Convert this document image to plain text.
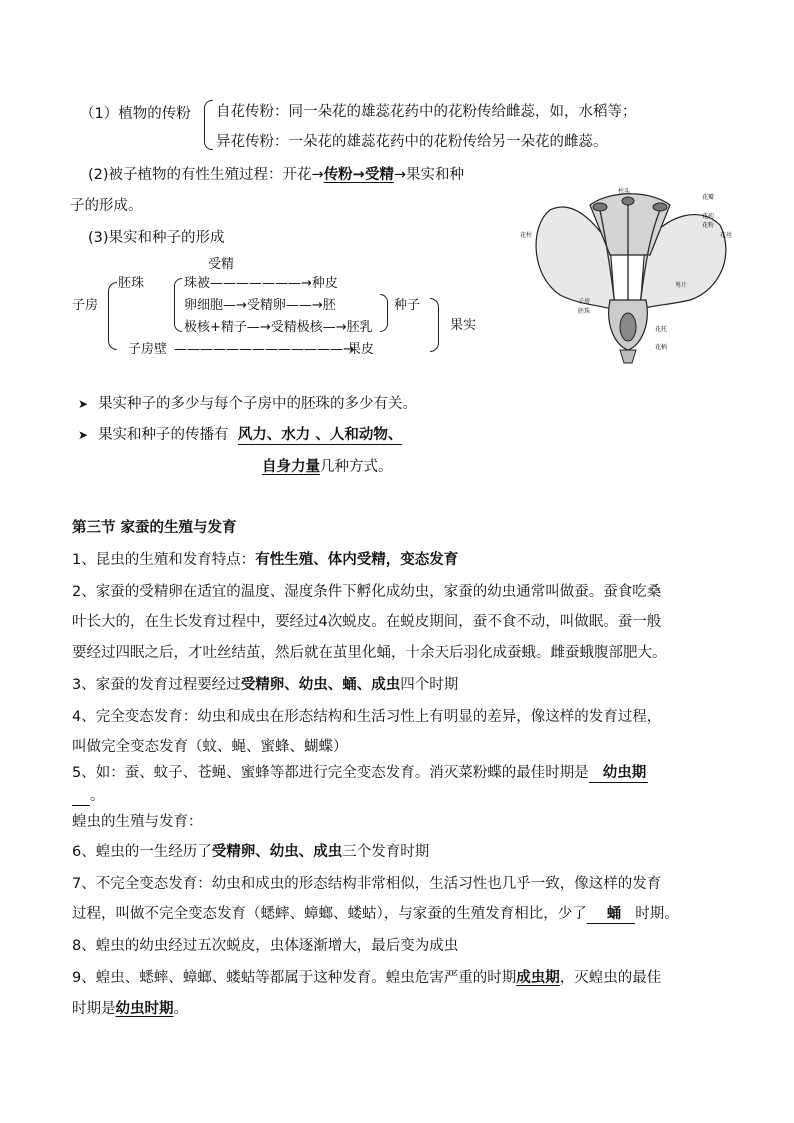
（1）植物的传粉 自花传粉：同一朵花的雄蕊花药中的花粉传给雌蕊，如，水稻等；
异花传粉：一朵花的雄蕊花药中的花粉传给另一朵花的雌蕊。
(2)被子植物的有性生殖过程：开花→传粉→受精→果实和种
子的形成。
(3)果实和种子的形成
受精
子房
胚珠	珠被———————→种皮
卵细胞—→受精卵——→胚
极核+精子—→受精极核—→胚乳
种子
果实
子房壁 —————————————→
果皮
柱头
花瓣
花药
花粉
花丝
花柱
萼片
子房
胚珠
花托
花柄
➤ 果实种子的多少与每个子房中的胚珠的多少有关。
➤ 果实和种子的传播有 风力、水力 、人和动物、
自身力量几种方式。
第三节 家蚕的生殖与发育
1、昆虫的生殖和发育特点：有性生殖、体内受精，变态发育
2、家蚕的受精卵在适宜的温度、湿度条件下孵化成幼虫，家蚕的幼虫通常叫做蚕。蚕食吃桑
叶长大的，在生长发育过程中，要经过4次蜕皮。在蜕皮期间，蚕不食不动，叫做眠。蚕一般
要经过四眠之后，才吐丝结茧，然后就在茧里化蛹，十余天后羽化成蚕蛾。雌蚕蛾腹部肥大。
3、家蚕的发育过程要经过受精卵、幼虫、蛹、成虫四个时期
4、完全变态发育：幼虫和成虫在形态结构和生活习性上有明显的差异，像这样的发育过程，
叫做完全变态发育（蚊、蝇、蜜蜂、蝴蝶）
5、如：蚕、蚊子、苍蝇、蜜蜂等都进行完全变态发育。消灭菜粉蝶的最佳时期是 幼虫期
。
蝗虫的生殖与发育：
6、蝗虫的一生经历了受精卵、幼虫、成虫三个发育时期
7、不完全变态发育：幼虫和成虫的形态结构非常相似，生活习性也几乎一致，像这样的发育
过程，叫做不完全变态发育（蟋蟀、蟑螂、蝼蛄），与家蚕的生殖发育相比，少了 蛹 时期。
8、蝗虫的幼虫经过五次蜕皮，虫体逐渐增大，最后变为成虫
9、蝗虫、蟋蟀、蟑螂、蝼蛄等都属于这种发育。蝗虫危害严重的时期成虫期，灭蝗虫的最佳
时期是幼虫时期。
